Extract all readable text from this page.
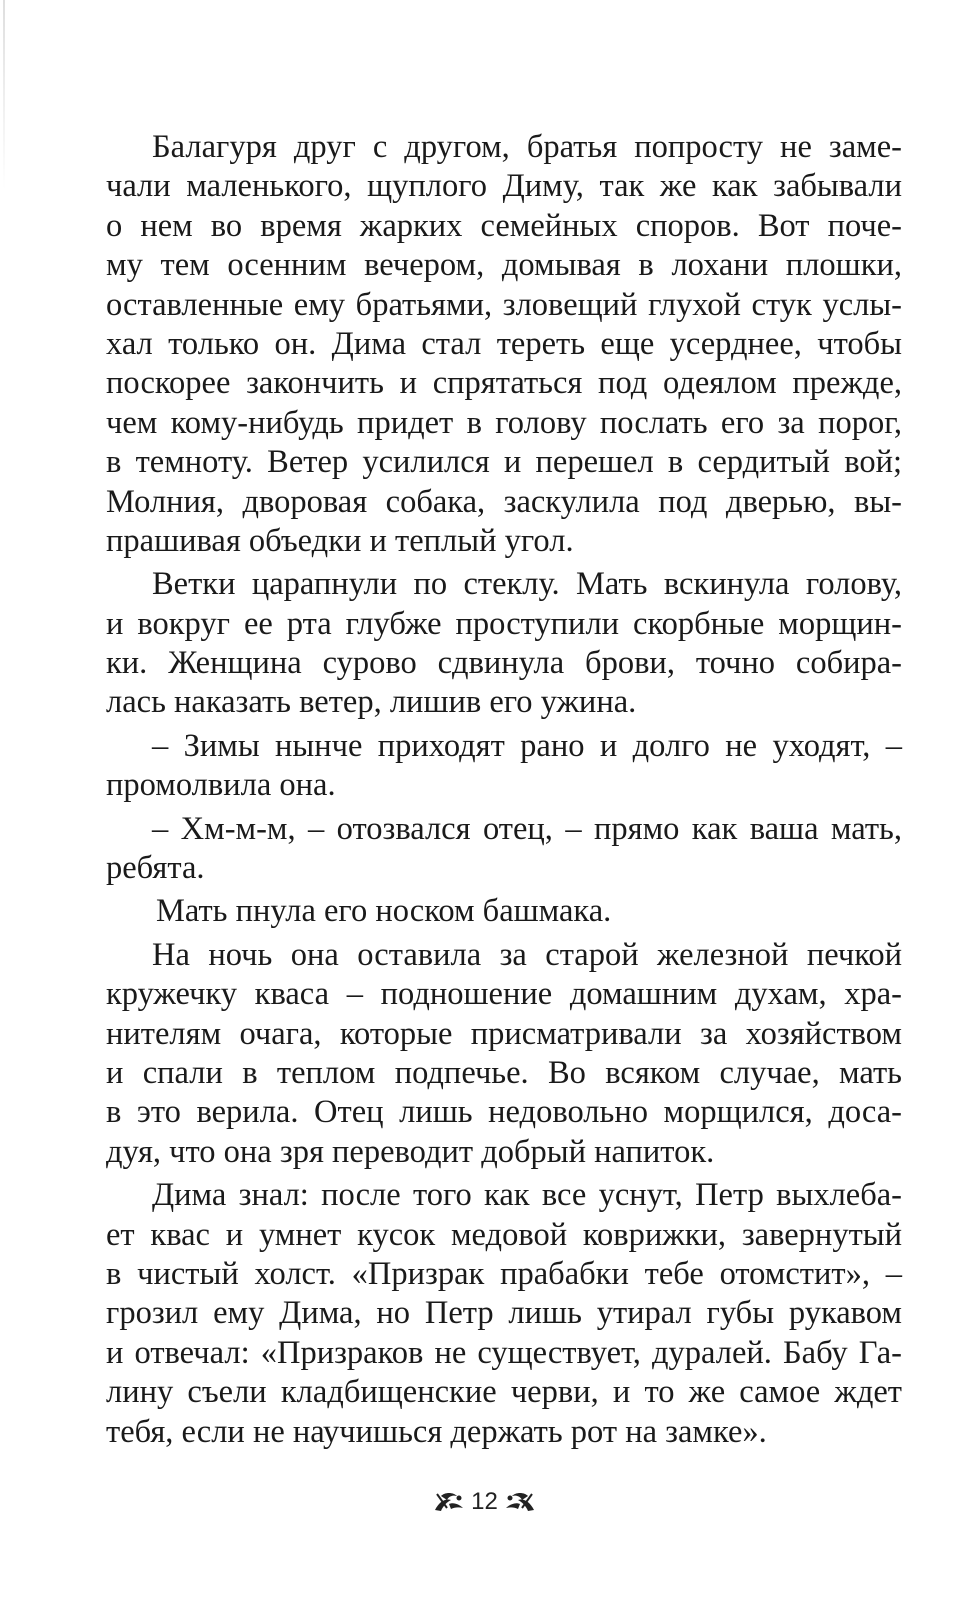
Балагуря друг с другом, братья попросту не заме-
чали маленького, щуплого Диму, так же как забывали
о нем во время жарких семейных споров. Вот поче-
му тем осенним вечером, домывая в лохани плошки,
оставленные ему братьями, зловещий глухой стук услы-
хал только он. Дима стал тереть еще усерднее, чтобы
поскорее закончить и спрятаться под одеялом прежде,
чем кому-нибудь придет в голову послать его за порог,
в темноту. Ветер усилился и перешел в сердитый вой;
Молния, дворовая собака, заскулила под дверью, вы-
прашивая объедки и теплый угол.
Ветки царапнули по стеклу. Мать вскинула голову,
и вокруг ее рта глубже проступили скорбные морщин-
ки. Женщина сурово сдвинула брови, точно собира-
лась наказать ветер, лишив его ужина.
– Зимы нынче приходят рано и долго не уходят, –
промолвила она.
– Хм-м-м, – отозвался отец, – прямо как ваша мать,
ребята.
Мать пнула его носком башмака.
На ночь она оставила за старой железной печкой
кружечку кваса – подношение домашним духам, хра-
нителям очага, которые присматривали за хозяйством
и спали в теплом подпечье. Во всяком случае, мать
в это верила. Отец лишь недовольно морщился, доса-
дуя, что она зря переводит добрый напиток.
Дима знал: после того как все уснут, Петр выхлеба-
ет квас и умнет кусок медовой коврижки, завернутый
в чистый холст. «Призрак прабабки тебе отомстит», –
грозил ему Дима, но Петр лишь утирал губы рукавом
и отвечал: «Призраков не существует, дуралей. Бабу Га-
лину съели кладбищенские черви, и то же самое ждет
тебя, если не научишься держать рот на замке».
12
